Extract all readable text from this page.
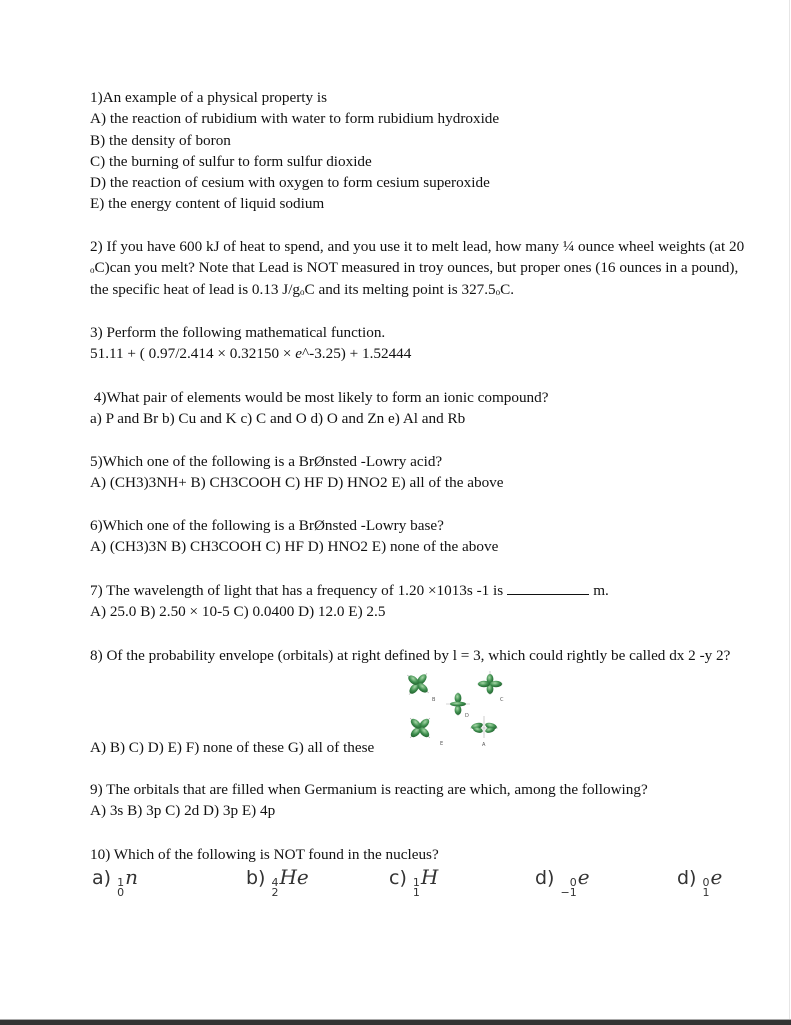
1)An example of a physical property is
A) the reaction of rubidium with water to form rubidium hydroxide
B) the density of boron
C) the burning of sulfur to form sulfur dioxide
D) the reaction of cesium with oxygen to form cesium superoxide
E) the energy content of liquid sodium
2) If you have 600 kJ of heat to spend, and you use it to melt lead, how many ¼ ounce wheel weights (at 20
oC)can you melt? Note that Lead is NOT measured in troy ounces, but proper ones (16 ounces in a pound),
the specific heat of lead is 0.13 J/goC and its melting point is 327.5oC.
3) Perform the following mathematical function.
51.11 + ( 0.97/2.414 × 0.32150 × e^-3.25) + 1.52444
4)What pair of elements would be most likely to form an ionic compound?
a) P and Br b) Cu and K c) C and O d) O and Zn e) Al and Rb
5)Which one of the following is a BrØnsted -Lowry acid?
A) (CH3)3NH+ B) CH3COOH C) HF D) HNO2 E) all of the above
6)Which one of the following is a BrØnsted -Lowry base?
A) (CH3)3N B) CH3COOH C) HF D) HNO2 E) none of the above
7) The wavelength of light that has a frequency of 1.20 ×1013s -1 is	m.
A) 25.0 B) 2.50 × 10-5 C) 0.0400 D) 12.0 E) 2.5
8) Of the probability envelope (orbitals) at right defined by l = 3, which could rightly be called dx 2 -y 2?
B	C
D
E	A
A) B) C) D) E) F) none of these G) all of these
9) The orbitals that are filled when Germanium is reacting are which, among the following?
A) 3s B) 3p C) 2d D) 3p E) 4p
10) Which of the following is NOT found in the nucleus?
a) 1
0
n	b) 4
2
He	c) 1
1
H	d)	0
−1
e	d) 0
1
e
